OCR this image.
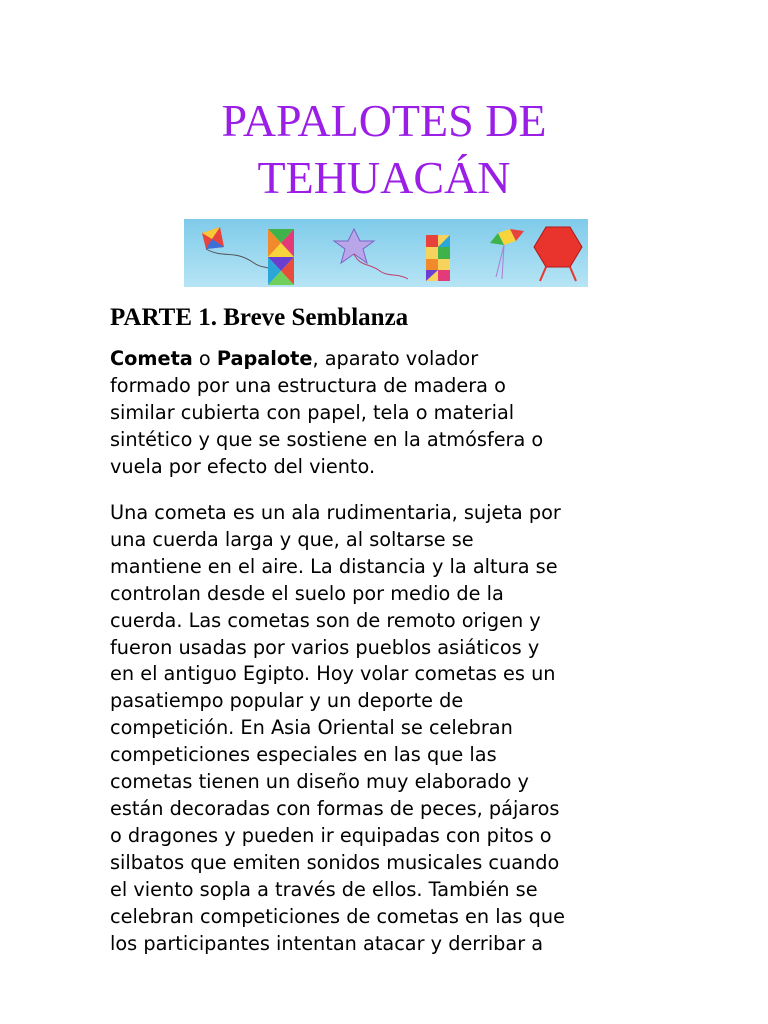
PAPALOTES DE
TEHUACÁN
PARTE 1. Breve Semblanza
Cometa o Papalote, aparato volador
formado por una estructura de madera o
similar cubierta con papel, tela o material
sintético y que se sostiene en la atmósfera o
vuela por efecto del viento.
Una cometa es un ala rudimentaria, sujeta por
una cuerda larga y que, al soltarse se
mantiene en el aire. La distancia y la altura se
controlan desde el suelo por medio de la
cuerda. Las cometas son de remoto origen y
fueron usadas por varios pueblos asiáticos y
en el antiguo Egipto. Hoy volar cometas es un
pasatiempo popular y un deporte de
competición. En Asia Oriental se celebran
competiciones especiales en las que las
cometas tienen un diseño muy elaborado y
están decoradas con formas de peces, pájaros
o dragones y pueden ir equipadas con pitos o
silbatos que emiten sonidos musicales cuando
el viento sopla a través de ellos. También se
celebran competiciones de cometas en las que
los participantes intentan atacar y derribar a
